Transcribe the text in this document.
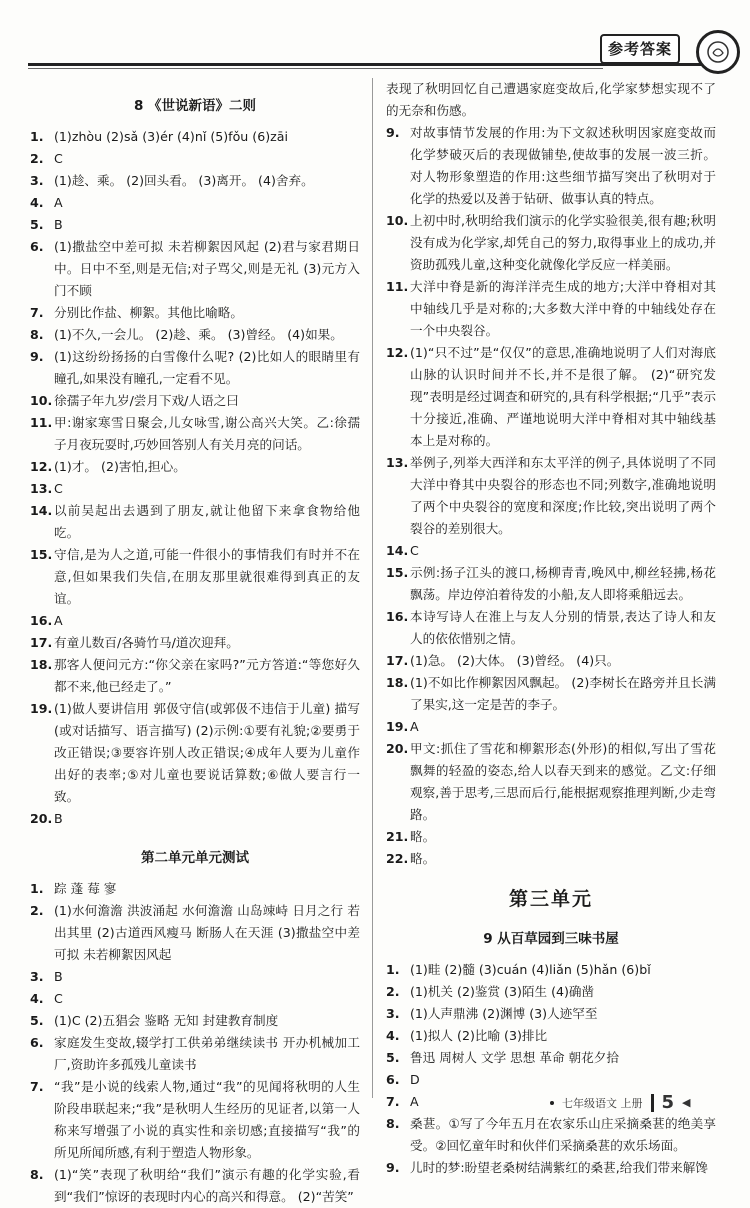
参考答案
8 《世说新语》二则
1. (1)zhòu (2)sǎ (3)ér (4)nǐ (5)fǒu (6)zāi
2. C
3. (1)趁、乘。 (2)回头看。 (3)离开。 (4)舍弃。
4. A
5. B
6. (1)撒盐空中差可拟 未若柳絮因风起 (2)君与家君期日中。日中不至,则是无信;对子骂父,则是无礼 (3)元方入门不顾
7. 分别比作盐、柳絮。其他比喻略。
8. (1)不久,一会儿。 (2)趁、乘。 (3)曾经。 (4)如果。
9. (1)这纷纷扬扬的白雪像什么呢? (2)比如人的眼睛里有瞳孔,如果没有瞳孔,一定看不见。
10. 徐孺子年九岁/尝月下戏/人语之曰
11. 甲:谢家寒雪日聚会,儿女咏雪,谢公高兴大笑。乙:徐孺子月夜玩耍时,巧妙回答别人有关月亮的问话。
12. (1)才。 (2)害怕,担心。
13. C
14. 以前吴起出去遇到了朋友,就让他留下来拿食物给他吃。
15. 守信,是为人之道,可能一件很小的事情我们有时并不在意,但如果我们失信,在朋友那里就很难得到真正的友谊。
16. A
17. 有童儿数百/各骑竹马/道次迎拜。
18. 那客人便问元方:“你父亲在家吗?”元方答道:“等您好久都不来,他已经走了。”
19. (1)做人要讲信用 郭伋守信(或郭伋不违信于儿童) 描写(或对话描写、语言描写) (2)示例:①要有礼貌;②要勇于改正错误;③要容许别人改正错误;④成年人要为儿童作出好的表率;⑤对儿童也要说话算数;⑥做人要言行一致。
20. B
第二单元单元测试
1. 踪 蓬 莓 寥
2. (1)水何澹澹 洪波涌起 水何澹澹 山岛竦峙 日月之行 若出其里 (2)古道西风瘦马 断肠人在天涯 (3)撒盐空中差可拟 未若柳絮因风起
3. B
4. C
5. (1)C (2)五猖会 鉴略 无知 封建教育制度
6. 家庭发生变故,辍学打工供弟弟继续读书 开办机械加工厂,资助许多孤残儿童读书
7. “我”是小说的线索人物,通过“我”的见闻将秋明的人生阶段串联起来;“我”是秋明人生经历的见证者,以第一人称来写增强了小说的真实性和亲切感;直接描写“我”的所见所闻所感,有利于塑造人物形象。
8. (1)“笑”表现了秋明给“我们”演示有趣的化学实验,看到“我们”惊讶的表现时内心的高兴和得意。 (2)“苦笑”
表现了秋明回忆自己遭遇家庭变故后,化学家梦想实现不了的无奈和伤感。
9. 对故事情节发展的作用:为下文叙述秋明因家庭变故而化学梦破灭后的表现做铺垫,使故事的发展一波三折。对人物形象塑造的作用:这些细节描写突出了秋明对于化学的热爱以及善于钻研、做事认真的特点。
10. 上初中时,秋明给我们演示的化学实验很美,很有趣;秋明没有成为化学家,却凭自己的努力,取得事业上的成功,并资助孤残儿童,这种变化就像化学反应一样美丽。
11. 大洋中脊是新的海洋洋壳生成的地方;大洋中脊相对其中轴线几乎是对称的;大多数大洋中脊的中轴线处存在一个中央裂谷。
12. (1)“只不过”是“仅仅”的意思,准确地说明了人们对海底山脉的认识时间并不长,并不是很了解。 (2)“研究发现”表明是经过调查和研究的,具有科学根据;“几乎”表示十分接近,准确、严谨地说明大洋中脊相对其中轴线基本上是对称的。
13. 举例子,列举大西洋和东太平洋的例子,具体说明了不同大洋中脊其中央裂谷的形态也不同;列数字,准确地说明了两个中央裂谷的宽度和深度;作比较,突出说明了两个裂谷的差别很大。
14. C
15. 示例:扬子江头的渡口,杨柳青青,晚风中,柳丝轻拂,杨花飘荡。岸边停泊着待发的小船,友人即将乘船远去。
16. 本诗写诗人在淮上与友人分别的情景,表达了诗人和友人的依依惜别之情。
17. (1)急。 (2)大体。 (3)曾经。 (4)只。
18. (1)不如比作柳絮因风飘起。 (2)李树长在路旁并且长满了果实,这一定是苦的李子。
19. A
20. 甲文:抓住了雪花和柳絮形态(外形)的相似,写出了雪花飘舞的轻盈的姿态,给人以春天到来的感觉。乙文:仔细观察,善于思考,三思而后行,能根据观察推理判断,少走弯路。
21. 略。
22. 略。
第三单元
9 从百草园到三味书屋
1. (1)畦 (2)髓 (3)cuán (4)liǎn (5)hǎn (6)bǐ
2. (1)机关 (2)鉴赏 (3)陌生 (4)确凿
3. (1)人声鼎沸 (2)渊博 (3)人迹罕至
4. (1)拟人 (2)比喻 (3)排比
5. 鲁迅 周树人 文学 思想 革命 朝花夕拾
6. D
7. A
8. 桑葚。①写了今年五月在农家乐山庄采摘桑葚的绝美享受。②回忆童年时和伙伴们采摘桑葚的欢乐场面。
9. 儿时的梦:盼望老桑树结满紫红的桑葚,给我们带来解馋
七年级语文 上册 5 ◀
